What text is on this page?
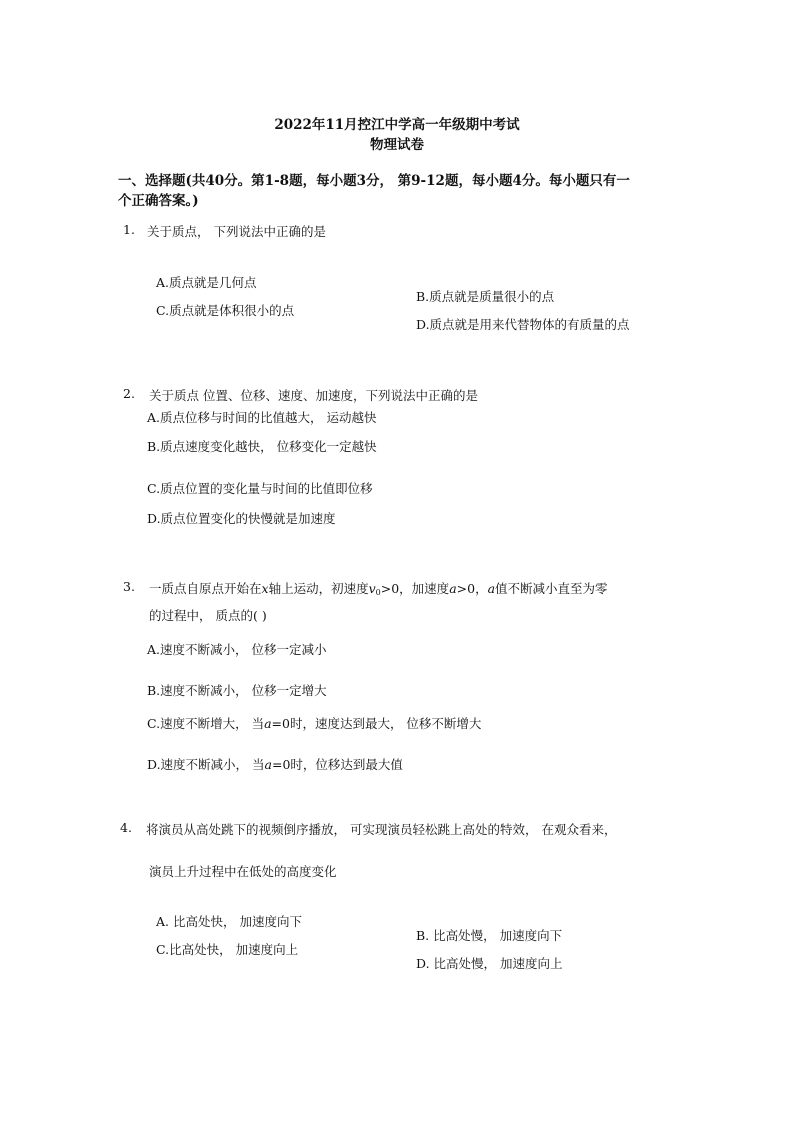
2022年11月控江中学高一年级期中考试
物理试卷
一、选择题(共40分。第1-8题，每小题3分， 第9-12题，每小题4分。每小题只有一
个正确答案。)
1. 关于质点， 下列说法中正确的是
A.质点就是几何点
B.质点就是质量很小的点
C.质点就是体积很小的点
D.质点就是用来代替物体的有质量的点
2. 关于质点 位置、位移、速度、加速度，下列说法中正确的是
A.质点位移与时间的比值越大， 运动越快
B.质点速度变化越快， 位移变化一定越快
C.质点位置的变化量与时间的比值即位移
D.质点位置变化的快慢就是加速度
3. 一质点自原点开始在x轴上运动，初速度$v_0>0$，加速度a>0，a值不断减小直至为零
的过程中， 质点的( )
A.速度不断减小， 位移一定减小
B.速度不断减小， 位移一定增大
C.速度不断增大， 当a=0时，速度达到最大， 位移不断增大
D.速度不断减小， 当a=0时，位移达到最大值
4. 将演员从高处跳下的视频倒序播放， 可实现演员轻松跳上高处的特效， 在观众看来，
演员上升过程中在低处的高度变化
A. 比高处快， 加速度向下
B. 比高处慢， 加速度向下
C.比高处快， 加速度向上
D. 比高处慢， 加速度向上
